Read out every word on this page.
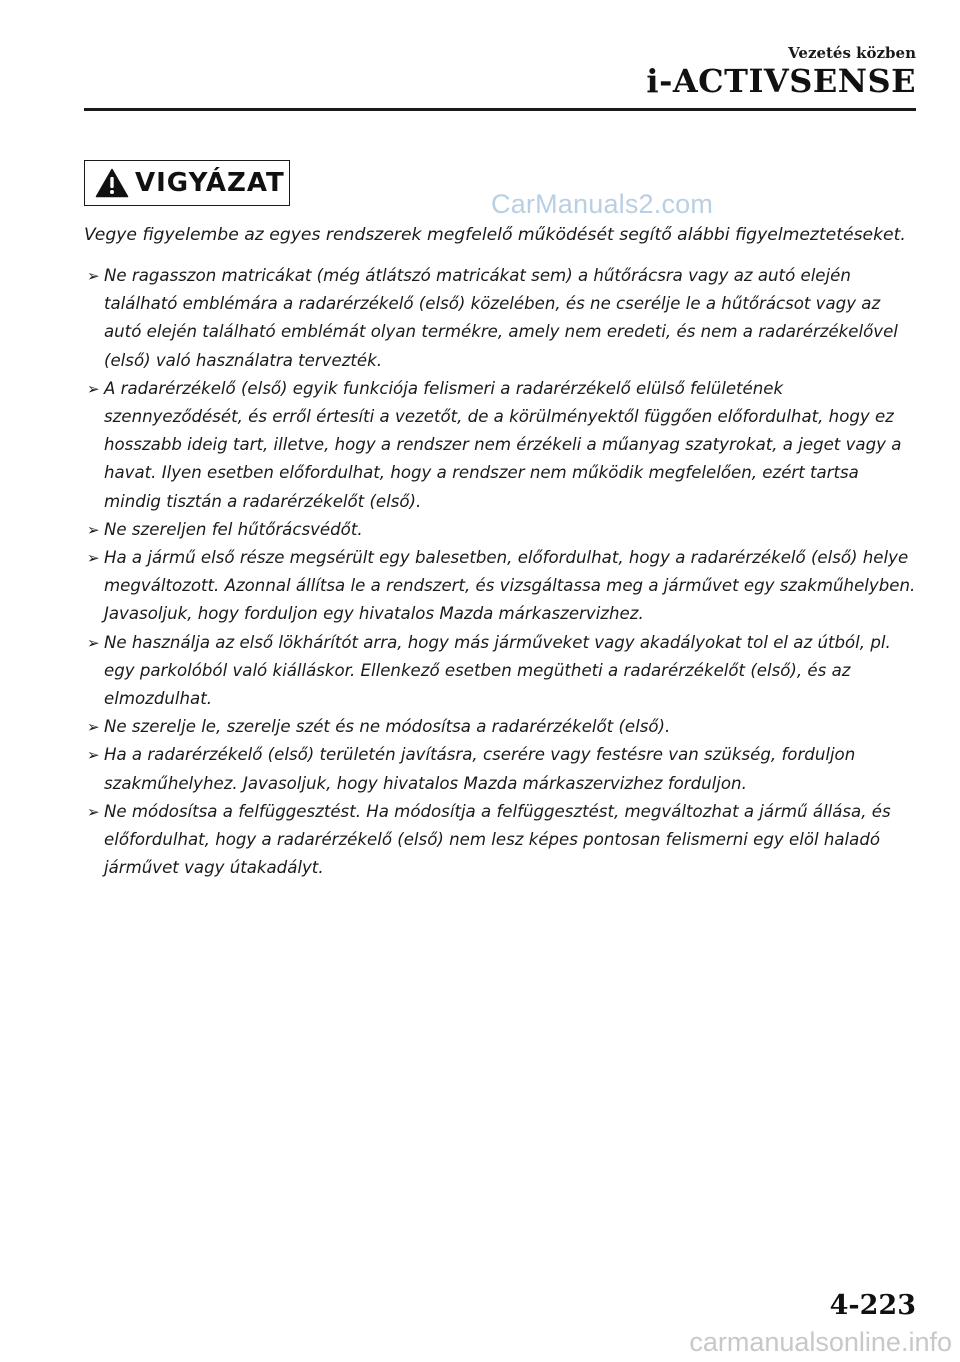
Vezetés közben
i-ACTIVSENSE
VIGYÁZAT
CarManuals2.com

Vegye figyelembe az egyes rendszerek megfelelő működését segítő alábbi figyelmeztetéseket.

➢ Ne ragasszon matricákat (még átlátszó matricákat sem) a hűtőrácsra vagy az autó elején található emblémára a radarérzékelő (első) közelében, és ne cserélje le a hűtőrácsot vagy az autó elején található emblémát olyan termékre, amely nem eredeti, és nem a radarérzékelővel (első) való használatra tervezték.
➢ A radarérzékelő (első) egyik funkciója felismeri a radarérzékelő elülső felületének szennyeződését, és erről értesíti a vezetőt, de a körülményektől függően előfordulhat, hogy ez hosszabb ideig tart, illetve, hogy a rendszer nem érzékeli a műanyag szatyrokat, a jeget vagy a havat. Ilyen esetben előfordulhat, hogy a rendszer nem működik megfelelően, ezért tartsa mindig tisztán a radarérzékelőt (első).
➢ Ne szereljen fel hűtőrácsvédőt.
➢ Ha a jármű első része megsérült egy balesetben, előfordulhat, hogy a radarérzékelő (első) helye megváltozott. Azonnal állítsa le a rendszert, és vizsgáltassa meg a járművet egy szakműhelyben. Javasoljuk, hogy forduljon egy hivatalos Mazda márkaszervizhez.
➢ Ne használja az első lökhárítót arra, hogy más járműveket vagy akadályokat tol el az útból, pl. egy parkolóból való kiálláskor. Ellenkező esetben megütheti a radarérzékelőt (első), és az elmozdulhat.
➢ Ne szerelje le, szerelje szét és ne módosítsa a radarérzékelőt (első).
➢ Ha a radarérzékelő (első) területén javításra, cserére vagy festésre van szükség, forduljon szakműhelyhez. Javasoljuk, hogy hivatalos Mazda márkaszervizhez forduljon.
➢ Ne módosítsa a felfüggesztést. Ha módosítja a felfüggesztést, megváltozhat a jármű állása, és előfordulhat, hogy a radarérzékelő (első) nem lesz képes pontosan felismerni egy elöl haladó járművet vagy útakadályt.
4-223
carmanualsonline.info
